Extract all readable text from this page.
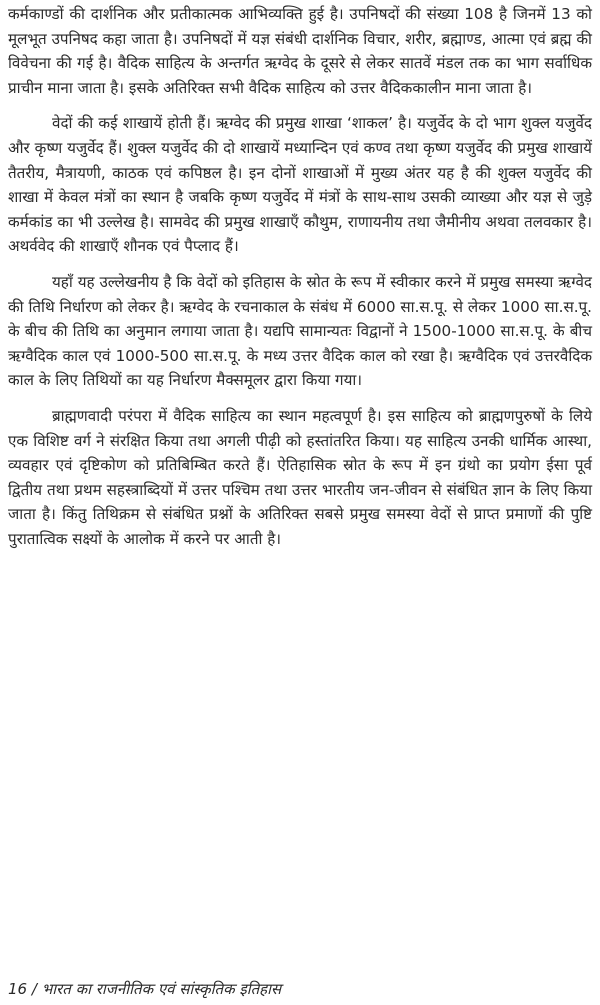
कर्मकाण्डों की दार्शनिक और प्रतीकात्मक आभिव्यक्ति हुई है। उपनिषदों की संख्या 108 है जिनमें 13 को मूलभूत उपनिषद कहा जाता है। उपनिषदों में यज्ञ संबंधी दार्शनिक विचार, शरीर, ब्रह्माण्ड, आत्मा एवं ब्रह्म की विवेचना की गई है। वैदिक साहित्य के अन्तर्गत ऋग्वेद के दूसरे से लेकर सातवें मंडल तक का भाग सर्वाधिक प्राचीन माना जाता है। इसके अतिरिक्त सभी वैदिक साहित्य को उत्तर वैदिककालीन माना जाता है।

वेदों की कई शाखायें होती हैं। ऋग्वेद की प्रमुख शाखा ‘शाकल’ है। यजुर्वेद के दो भाग शुक्ल यजुर्वेद और कृष्ण यजुर्वेद हैं। शुक्ल यजुर्वेद की दो शाखायें मध्यान्दिन एवं कण्व तथा कृष्ण यजुर्वेद की प्रमुख शाखायें तैतरीय, मैत्रायणी, काठक एवं कपिष्ठल है। इन दोनों शाखाओं में मुख्य अंतर यह है की शुक्ल यजुर्वेद की शाखा में केवल मंत्रों का स्थान है जबकि कृष्ण यजुर्वेद में मंत्रों के साथ-साथ उसकी व्याख्या और यज्ञ से जुड़े कर्मकांड का भी उल्लेख है। सामवेद की प्रमुख शाखाएँ कौथुम, राणायनीय तथा जैमीनीय अथवा तलवकार है। अथर्ववेद की शाखाएँ शौनक एवं पैप्लाद हैं।

यहाँ यह उल्लेखनीय है कि वेदों को इतिहास के स्रोत के रूप में स्वीकार करने में प्रमुख समस्या ऋग्वेद की तिथि निर्धारण को लेकर है। ऋग्वेद के रचनाकाल के संबंध में 6000 सा.स.पू. से लेकर 1000 सा.स.पू. के बीच की तिथि का अनुमान लगाया जाता है। यद्यपि सामान्यतः विद्वानों ने 1500-1000 सा.स.पू. के बीच ऋग्वैदिक काल एवं 1000-500 सा.स.पू. के मध्य उत्तर वैदिक काल को रखा है। ऋग्वैदिक एवं उत्तरवैदिक काल के लिए तिथियों का यह निर्धारण मैक्समूलर द्वारा किया गया।

ब्राह्मणवादी परंपरा में वैदिक साहित्य का स्थान महत्वपूर्ण है। इस साहित्य को ब्राह्मणपुरुषों के लिये एक विशिष्ट वर्ग ने संरक्षित किया तथा अगली पीढ़ी को हस्तांतरित किया। यह साहित्य उनकी धार्मिक आस्था, व्यवहार एवं दृष्टिकोण को प्रतिबिम्बित करते हैं। ऐतिहासिक स्रोत के रूप में इन ग्रंथो का प्रयोग ईसा पूर्व द्वितीय तथा प्रथम सहस्त्राब्दियों में उत्तर पश्चिम तथा उत्तर भारतीय जन-जीवन से संबंधित ज्ञान के लिए किया जाता है। किंतु तिथिक्रम से संबंधित प्रश्नों के अतिरिक्त सबसे प्रमुख समस्या वेदों से प्राप्त प्रमाणों की पुष्टि पुरातात्विक सक्ष्यों के आलोक में करने पर आती है।

16 / भारत का राजनीतिक एवं सांस्कृतिक इतिहास
